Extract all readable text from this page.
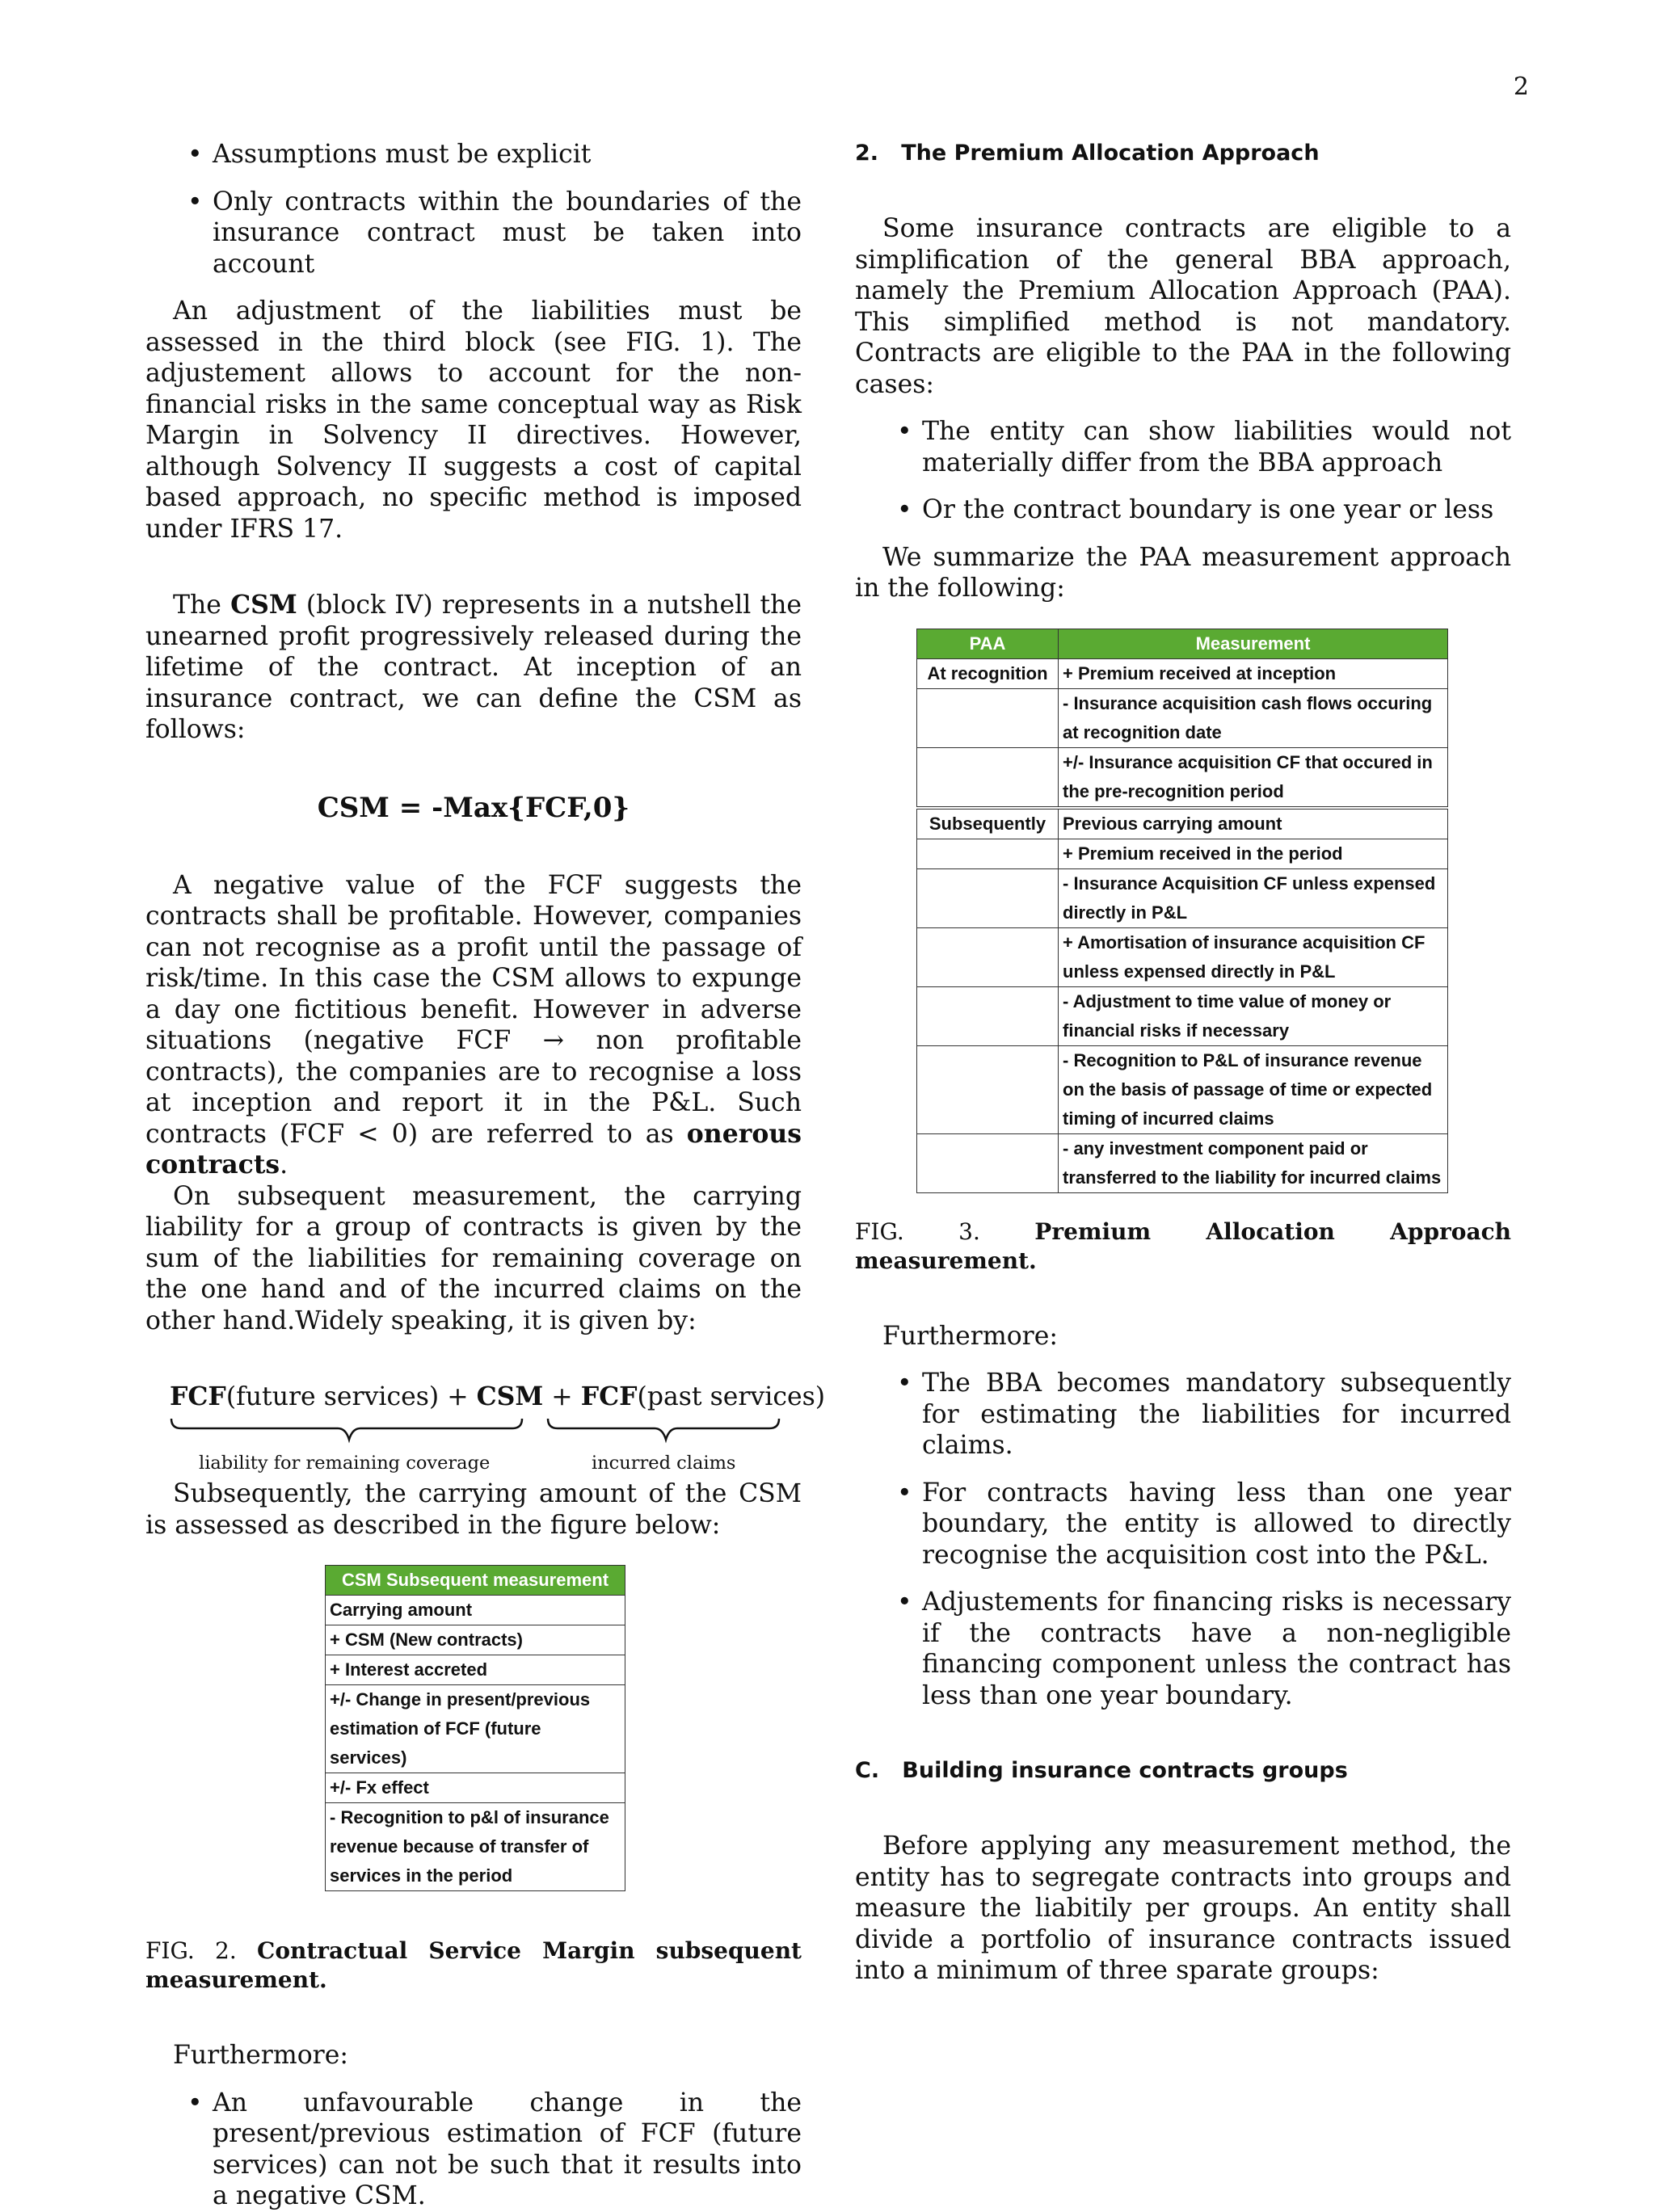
2
• Assumptions must be explicit
• Only contracts within the boundaries of the insurance contract must be taken into account

An adjustment of the liabilities must be assessed in the third block (see FIG. 1). The adjustement allows to account for the non-financial risks in the same conceptual way as Risk Margin in Solvency II directives. However, although Solvency II suggests a cost of capital based approach, no specific method is imposed under IFRS 17.

The CSM (block IV) represents in a nutshell the unearned profit progressively released during the lifetime of the contract. At inception of an insurance contract, we can define the CSM as follows:

CSM = -Max{FCF,0}

A negative value of the FCF suggests the contracts shall be profitable. However, companies can not recognise as a profit until the passage of risk/time. In this case the CSM allows to expunge a day one fictitious benefit. However in adverse situations (negative FCF → non profitable contracts), the companies are to recognise a loss at inception and report it in the P&L. Such contracts (FCF < 0) are referred to as onerous contracts.

On subsequent measurement, the carrying liability for a group of contracts is given by the sum of the liabilities for remaining coverage on the one hand and of the incurred claims on the other hand.Widely speaking, it is given by:

FCF(future services) + CSM + FCF(past services)
liability for remaining coverage	incurred claims

Subsequently, the carrying amount of the CSM is assessed as described in the figure below:

CSM Subsequent measurement
Carrying amount
+ CSM (New contracts)
+ Interest accreted
+/- Change in present/previous estimation of FCF (future services)
+/- Fx effect
- Recognition to p&l of insurance revenue because of transfer of services in the period
FIG. 2. Contractual Service Margin subsequent measurement.

Furthermore:

• An unfavourable change in the present/previous estimation of FCF (future services) can not be such that it results into a negative CSM.
2. The Premium Allocation Approach

Some insurance contracts are eligible to a simplification of the general BBA approach, namely the Premium Allocation Approach (PAA). This simplified method is not mandatory. Contracts are eligible to the PAA in the following cases:

• The entity can show liabilities would not materially differ from the BBA approach
• Or the contract boundary is one year or less

We summarize the PAA measurement approach in the following:

PAA	Measurement
At recognition	+ Premium received at inception
	- Insurance acquisition cash flows occuring at recognition date
	+/- Insurance acquisition CF that occured in the pre-recognition period
Subsequently	Previous carrying amount
	+ Premium received in the period
	- Insurance Acquisition CF unless expensed directly in P&L
	+ Amortisation of insurance acquisition CF unless expensed directly in P&L
	- Adjustment to time value of money or financial risks if necessary
	- Recognition to P&L of insurance revenue on the basis of passage of time or expected timing of incurred claims
	- any investment component paid or transferred to the liability for incurred claims
FIG. 3. Premium Allocation Approach measurement.

Furthermore:

• The BBA becomes mandatory subsequently for estimating the liabilities for incurred claims.
• For contracts having less than one year boundary, the entity is allowed to directly recognise the acquisition cost into the P&L.
• Adjustements for financing risks is necessary if the contracts have a non-negligible financing component unless the contract has less than one year boundary.
C. Building insurance contracts groups

Before applying any measurement method, the entity has to segregate contracts into groups and measure the liabitily per groups. An entity shall divide a portfolio of insurance contracts issued into a minimum of three sparate groups:
